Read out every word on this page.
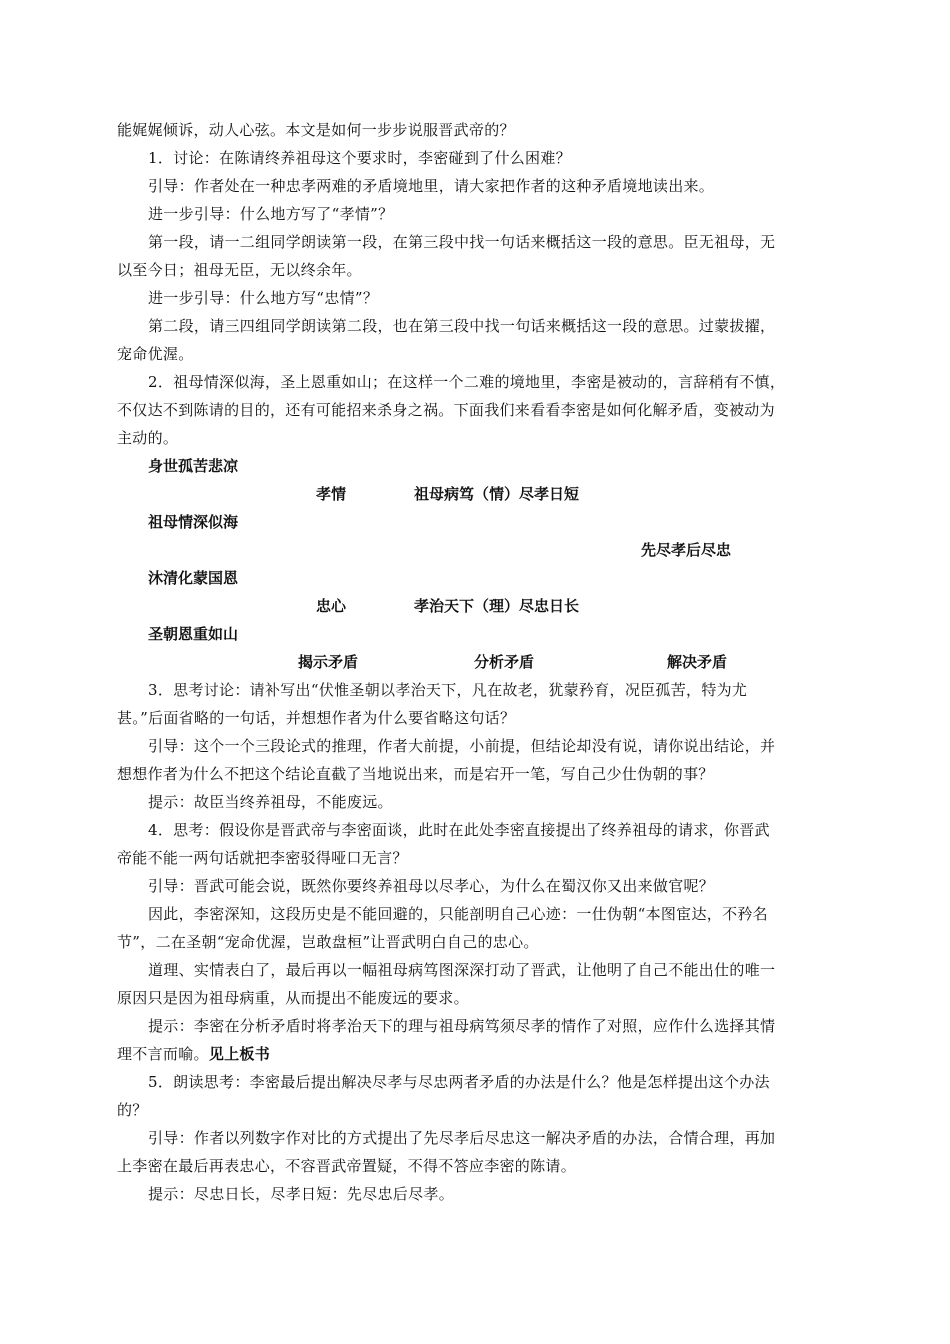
能娓娓倾诉，动人心弦。本文是如何一步步说服晋武帝的？
1．讨论：在陈请终养祖母这个要求时，李密碰到了什么困难？
引导：作者处在一种忠孝两难的矛盾境地里，请大家把作者的这种矛盾境地读出来。
进一步引导：什么地方写了“孝情”？
第一段，请一二组同学朗读第一段，在第三段中找一句话来概括这一段的意思。臣无祖母，无
以至今日；祖母无臣，无以终余年。
进一步引导：什么地方写“忠情”？
第二段，请三四组同学朗读第二段，也在第三段中找一句话来概括这一段的意思。过蒙拔擢，
宠命优渥。
2．祖母情深似海，圣上恩重如山；在这样一个二难的境地里，李密是被动的，言辞稍有不慎，
不仅达不到陈请的目的，还有可能招来杀身之祸。下面我们来看看李密是如何化解矛盾，变被动为
主动的。
身世孤苦悲凉
孝情	祖母病笃（情）尽孝日短
祖母情深似海
先尽孝后尽忠
沐清化蒙国恩
忠心	孝治天下（理）尽忠日长
圣朝恩重如山
揭示矛盾	分析矛盾	解决矛盾
3．思考讨论：请补写出“伏惟圣朝以孝治天下，凡在故老，犹蒙矜育，况臣孤苦，特为尤
甚。”后面省略的一句话，并想想作者为什么要省略这句话？
引导：这个一个三段论式的推理，作者大前提，小前提，但结论却没有说，请你说出结论，并
想想作者为什么不把这个结论直截了当地说出来，而是宕开一笔，写自己少仕伪朝的事？
提示：故臣当终养祖母，不能废远。
4．思考：假设你是晋武帝与李密面谈，此时在此处李密直接提出了终养祖母的请求，你晋武
帝能不能一两句话就把李密驳得哑口无言？
引导：晋武可能会说，既然你要终养祖母以尽孝心，为什么在蜀汉你又出来做官呢？
因此，李密深知，这段历史是不能回避的，只能剖明自己心迹：一仕伪朝“本图宦达，不矜名
节”，二在圣朝“宠命优渥，岂敢盘桓”让晋武明白自己的忠心。
道理、实情表白了，最后再以一幅祖母病笃图深深打动了晋武，让他明了自己不能出仕的唯一
原因只是因为祖母病重，从而提出不能废远的要求。
提示：李密在分析矛盾时将孝治天下的理与祖母病笃须尽孝的情作了对照，应作什么选择其情
理不言而喻。见上板书
5．朗读思考：李密最后提出解决尽孝与尽忠两者矛盾的办法是什么？他是怎样提出这个办法
的？
引导：作者以列数字作对比的方式提出了先尽孝后尽忠这一解决矛盾的办法，合情合理，再加
上李密在最后再表忠心，不容晋武帝置疑，不得不答应李密的陈请。
提示：尽忠日长，尽孝日短：先尽忠后尽孝。
